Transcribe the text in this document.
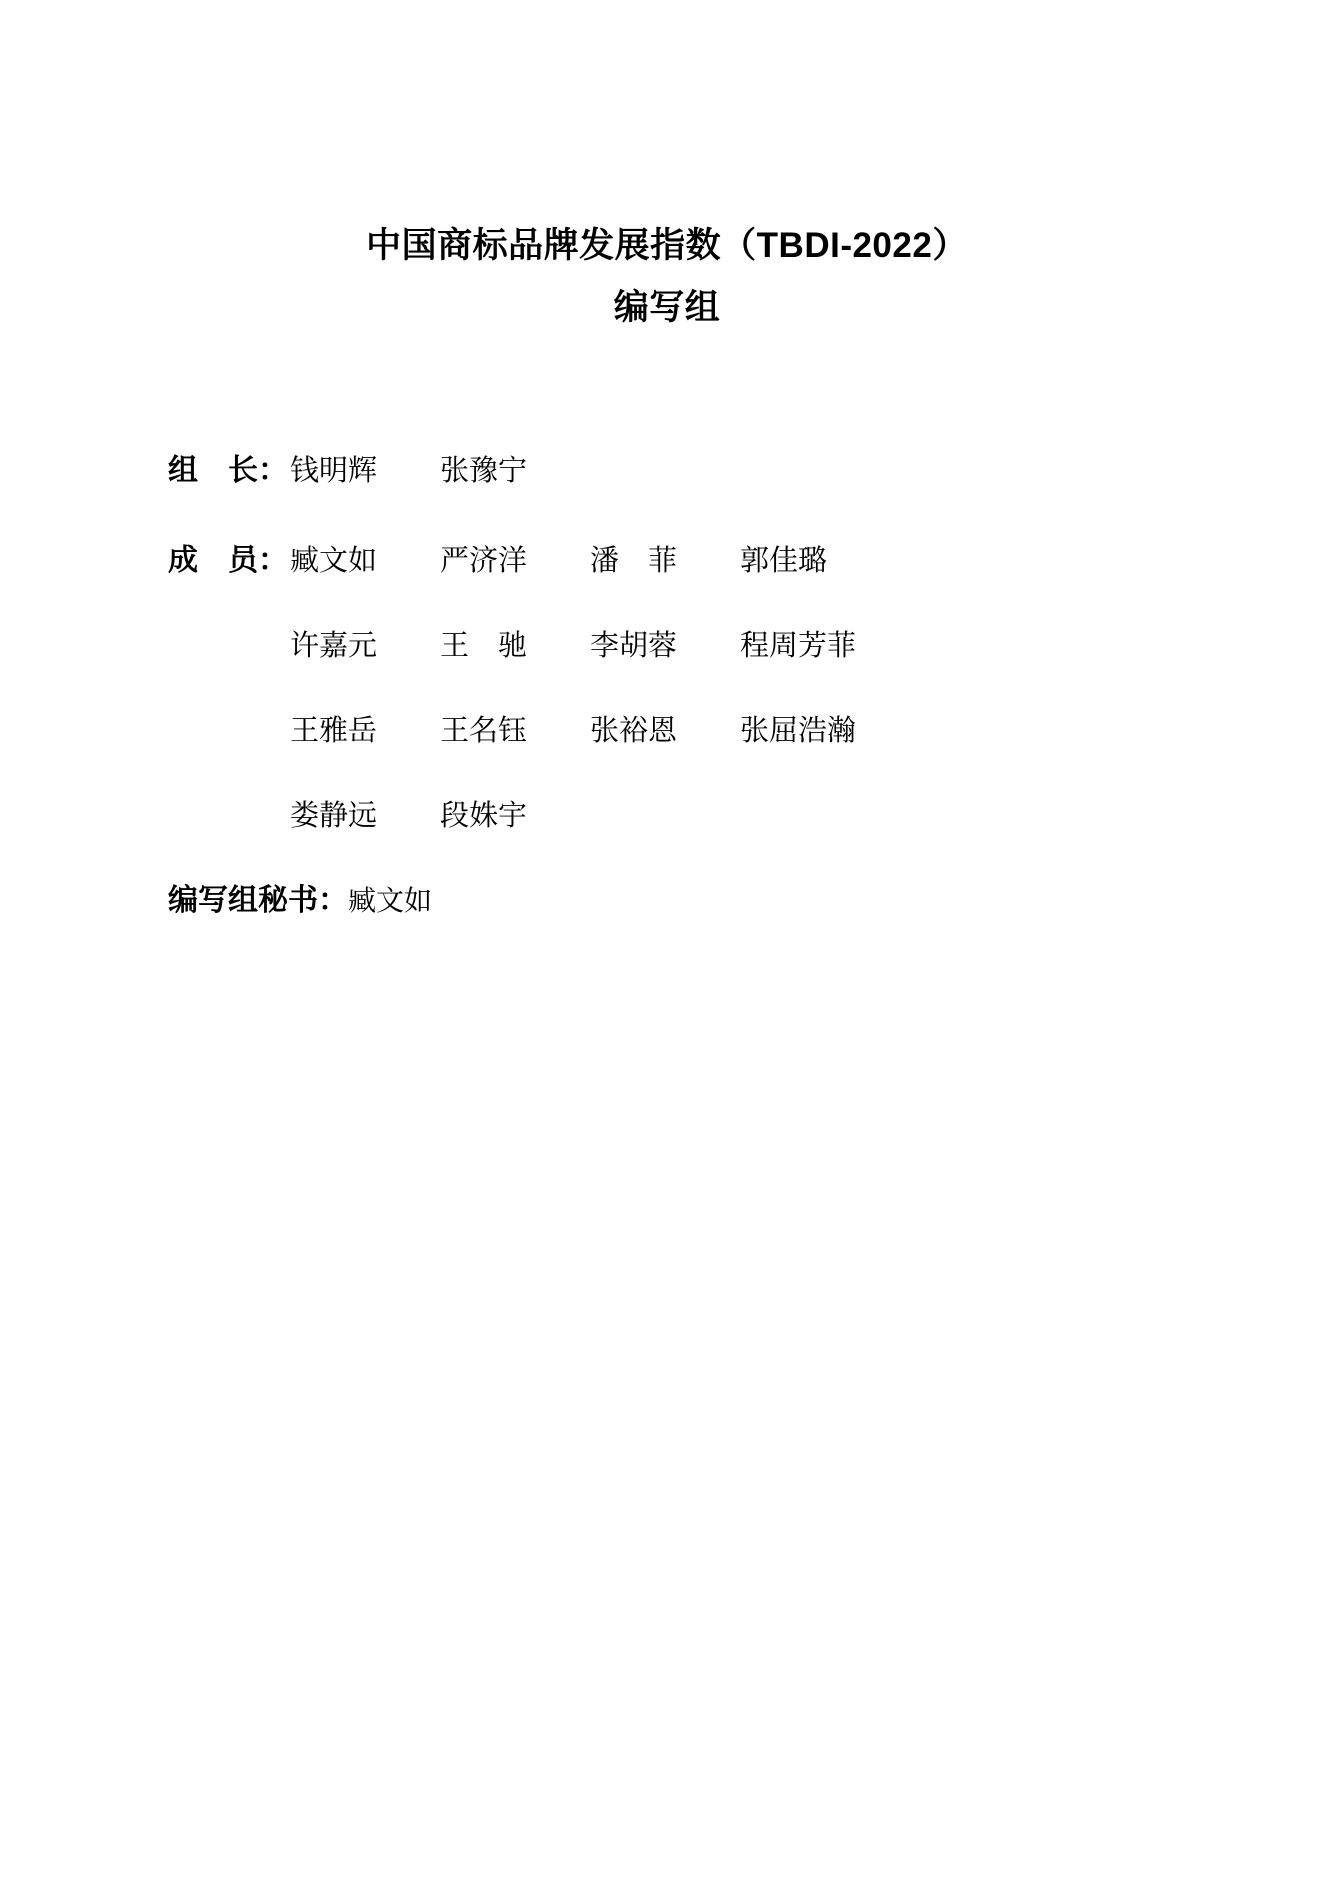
中国商标品牌发展指数（TBDI-2022）
编写组
组　长： 钱明辉	张豫宁
成　员： 臧文如	严济洋	潘　菲	郭佳璐
许嘉元	王　驰	李胡蓉	程周芳菲
王雅岳	王名钰	张裕恩	张屈浩瀚
娄静远	段姝宇
编写组秘书： 臧文如
